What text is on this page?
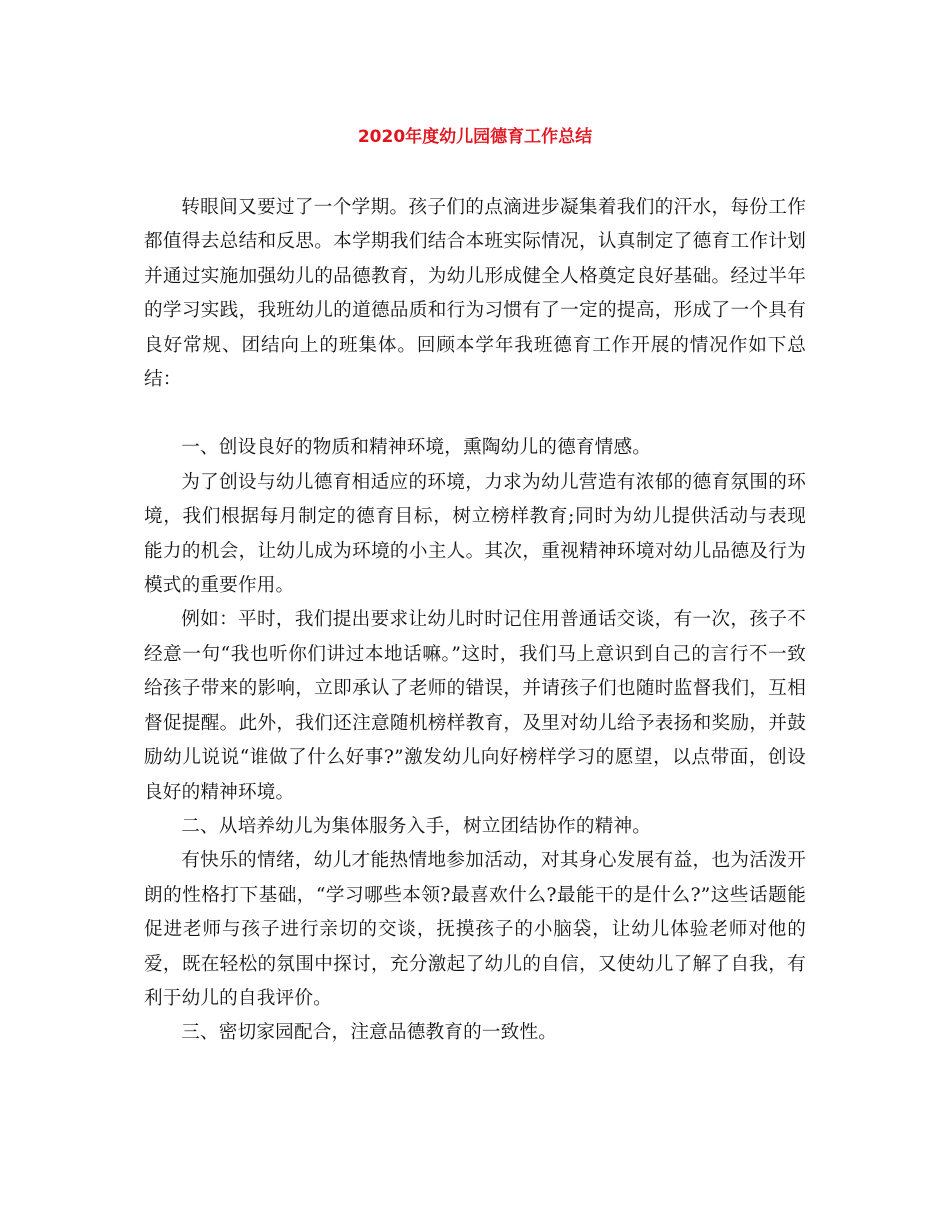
2020年度幼儿园德育工作总结

转眼间又要过了一个学期。孩子们的点滴进步凝集着我们的汗水，每份工作都值得去总结和反思。本学期我们结合本班实际情况，认真制定了德育工作计划并通过实施加强幼儿的品德教育，为幼儿形成健全人格奠定良好基础。经过半年的学习实践，我班幼儿的道德品质和行为习惯有了一定的提高，形成了一个具有良好常规、团结向上的班集体。回顾本学年我班德育工作开展的情况作如下总结：

一、创设良好的物质和精神环境，熏陶幼儿的德育情感。

为了创设与幼儿德育相适应的环境，力求为幼儿营造有浓郁的德育氛围的环境，我们根据每月制定的德育目标，树立榜样教育;同时为幼儿提供活动与表现能力的机会，让幼儿成为环境的小主人。其次，重视精神环境对幼儿品德及行为模式的重要作用。

例如：平时，我们提出要求让幼儿时时记住用普通话交谈，有一次，孩子不经意一句“我也听你们讲过本地话嘛。”这时，我们马上意识到自己的言行不一致给孩子带来的影响，立即承认了老师的错误，并请孩子们也随时监督我们，互相督促提醒。此外，我们还注意随机榜样教育，及里对幼儿给予表扬和奖励，并鼓励幼儿说说“谁做了什么好事?”激发幼儿向好榜样学习的愿望，以点带面，创设良好的精神环境。

二、从培养幼儿为集体服务入手，树立团结协作的精神。

有快乐的情绪，幼儿才能热情地参加活动，对其身心发展有益，也为活泼开朗的性格打下基础，“学习哪些本领?最喜欢什么?最能干的是什么?”这些话题能促进老师与孩子进行亲切的交谈，抚摸孩子的小脑袋，让幼儿体验老师对他的爱，既在轻松的氛围中探讨，充分激起了幼儿的自信，又使幼儿了解了自我，有利于幼儿的自我评价。

三、密切家园配合，注意品德教育的一致性。
